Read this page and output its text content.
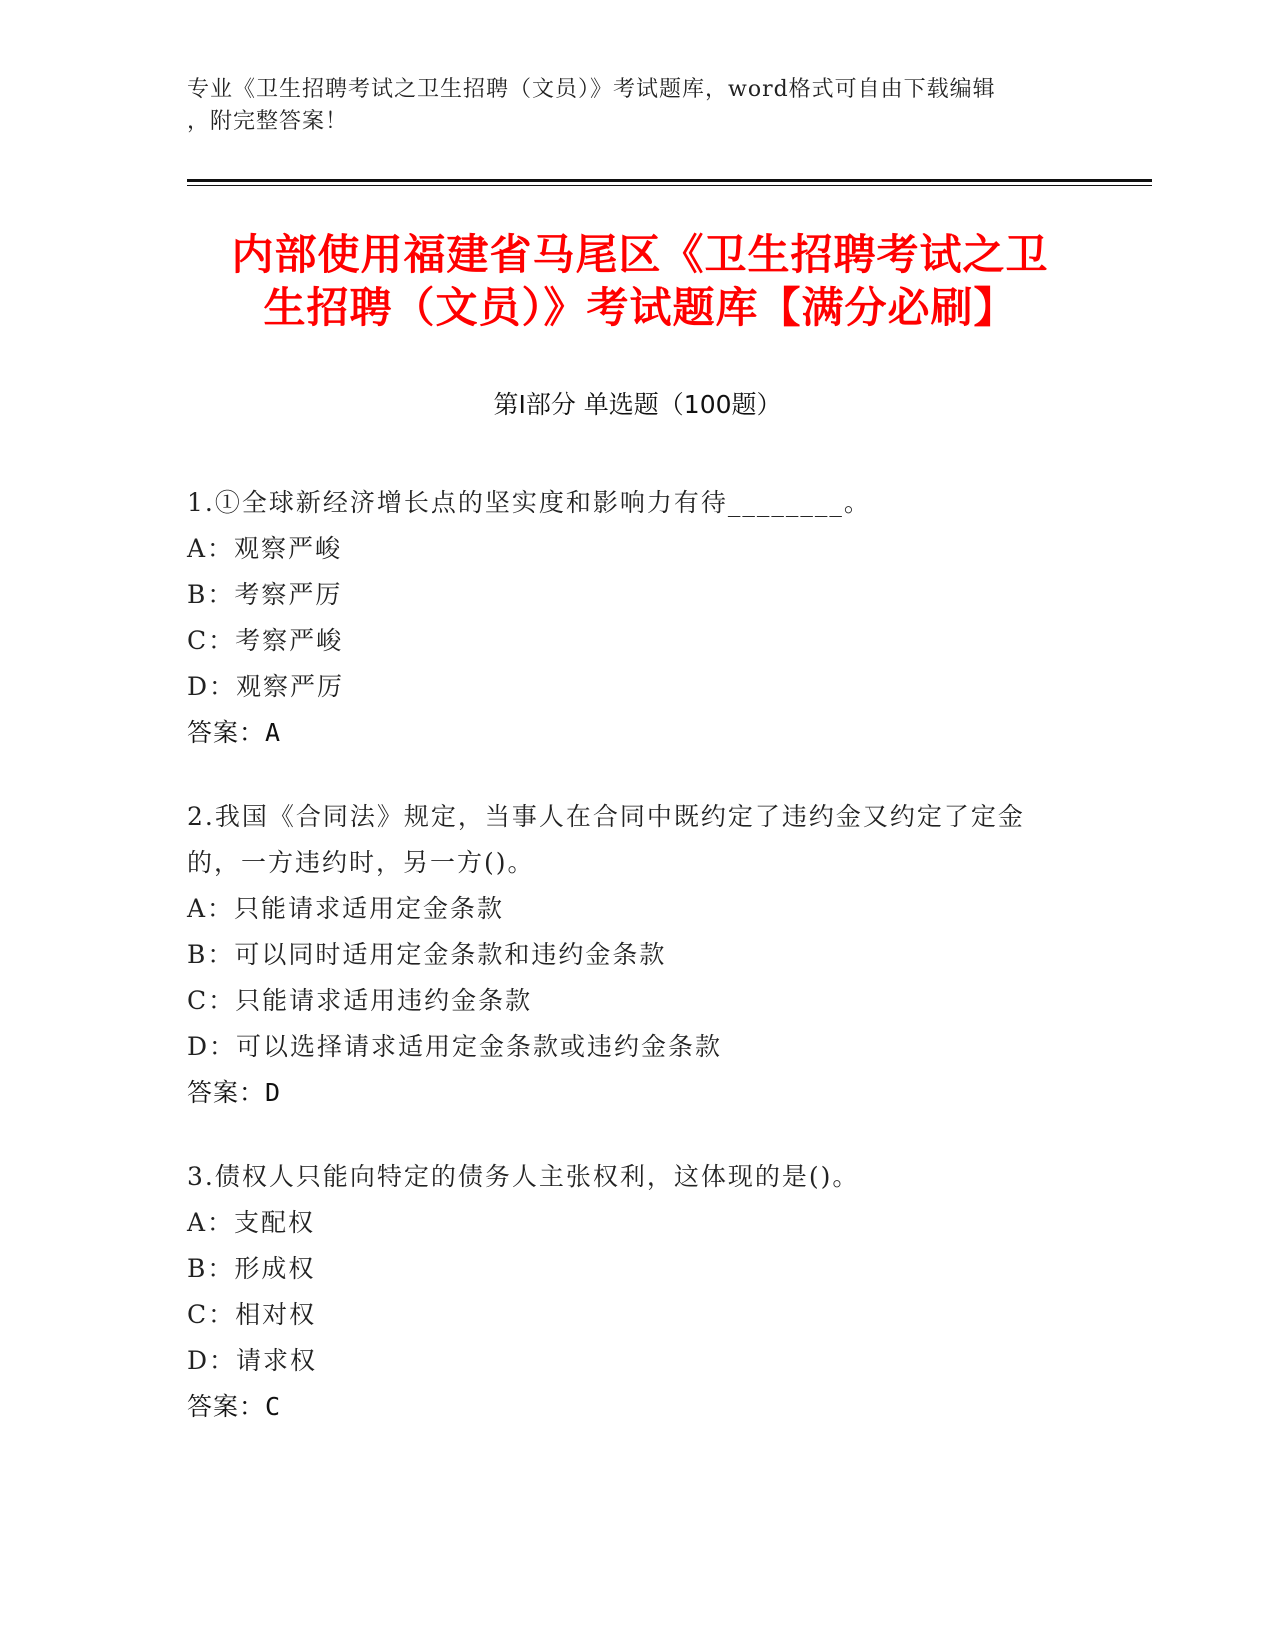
专业《卫生招聘考试之卫生招聘（文员）》考试题库，word格式可自由下载编辑
，附完整答案！
内部使用福建省马尾区《卫生招聘考试之卫
生招聘（文员）》考试题库【满分必刷】
第Ⅰ部分 单选题（100题）

1.①全球新经济增长点的坚实度和影响力有待________。

A：观察严峻

B：考察严厉

C：考察严峻

D：观察严厉

答案：A

2.我国《合同法》规定，当事人在合同中既约定了违约金又约定了定金的，一方违约时，另一方()。

A：只能请求适用定金条款

B：可以同时适用定金条款和违约金条款

C：只能请求适用违约金条款

D：可以选择请求适用定金条款或违约金条款

答案：D

3.债权人只能向特定的债务人主张权利，这体现的是()。

A：支配权

B：形成权

C：相对权

D：请求权

答案：C
